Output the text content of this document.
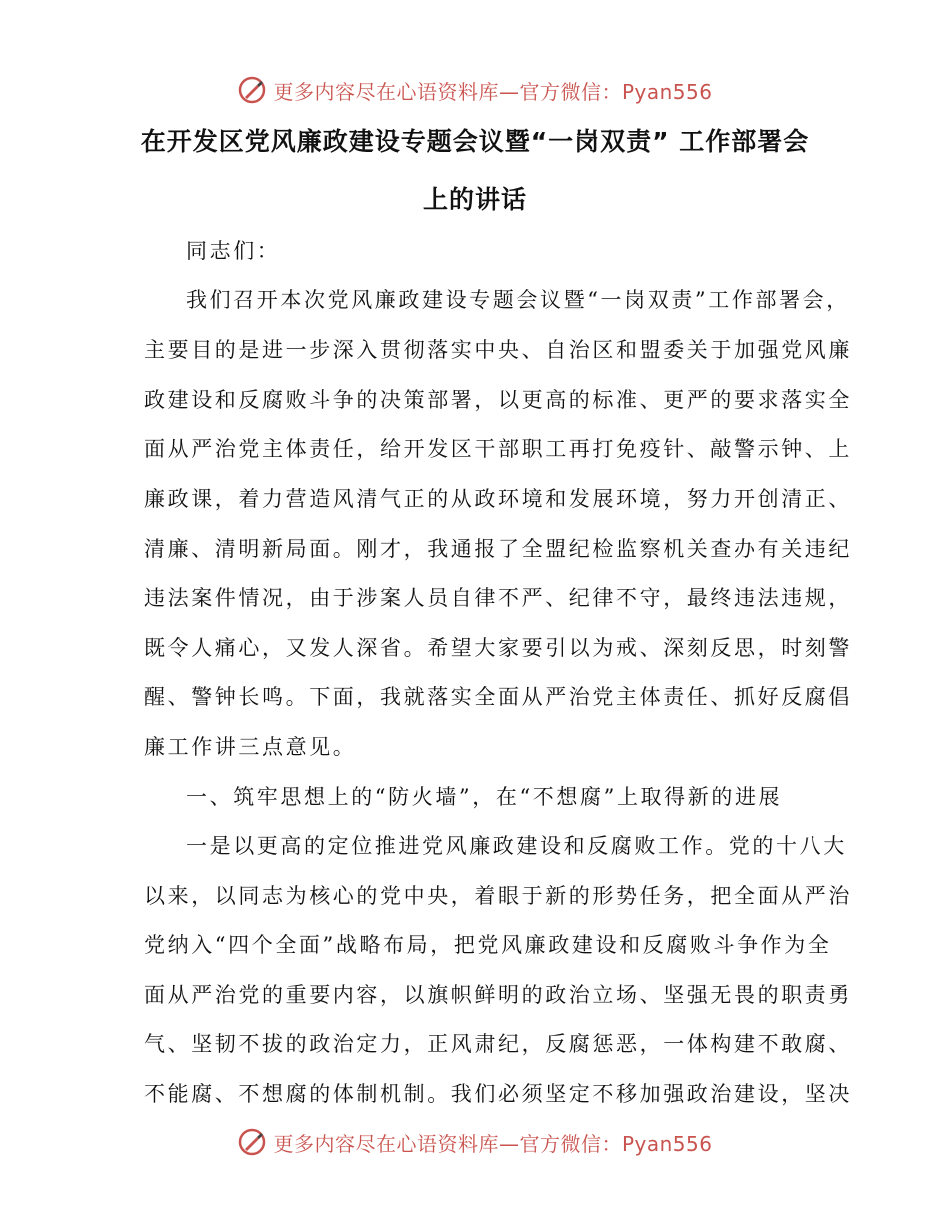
更多内容尽在心语资料库—官方微信：Pyan556
在开发区党风廉政建设专题会议暨“一岗双责” 工作部署会
上的讲话
同志们：
我们召开本次党风廉政建设专题会议暨“一岗双责”工作部署会，
主要目的是进一步深入贯彻落实中央、自治区和盟委关于加强党风廉
政建设和反腐败斗争的决策部署，以更高的标准、更严的要求落实全
面从严治党主体责任，给开发区干部职工再打免疫针、敲警示钟、上
廉政课，着力营造风清气正的从政环境和发展环境，努力开创清正、
清廉、清明新局面。刚才，我通报了全盟纪检监察机关查办有关违纪
违法案件情况，由于涉案人员自律不严、纪律不守，最终违法违规，
既令人痛心，又发人深省。希望大家要引以为戒、深刻反思，时刻警
醒、警钟长鸣。下面，我就落实全面从严治党主体责任、抓好反腐倡
廉工作讲三点意见。
一、筑牢思想上的“防火墙”，在“不想腐”上取得新的进展
一是以更高的定位推进党风廉政建设和反腐败工作。党的十八大
以来，以同志为核心的党中央，着眼于新的形势任务，把全面从严治
党纳入“四个全面”战略布局，把党风廉政建设和反腐败斗争作为全
面从严治党的重要内容，以旗帜鲜明的政治立场、坚强无畏的职责勇
气、坚韧不拔的政治定力，正风肃纪，反腐惩恶，一体构建不敢腐、
不能腐、不想腐的体制机制。我们必须坚定不移加强政治建设，坚决
更多内容尽在心语资料库—官方微信：Pyan556
